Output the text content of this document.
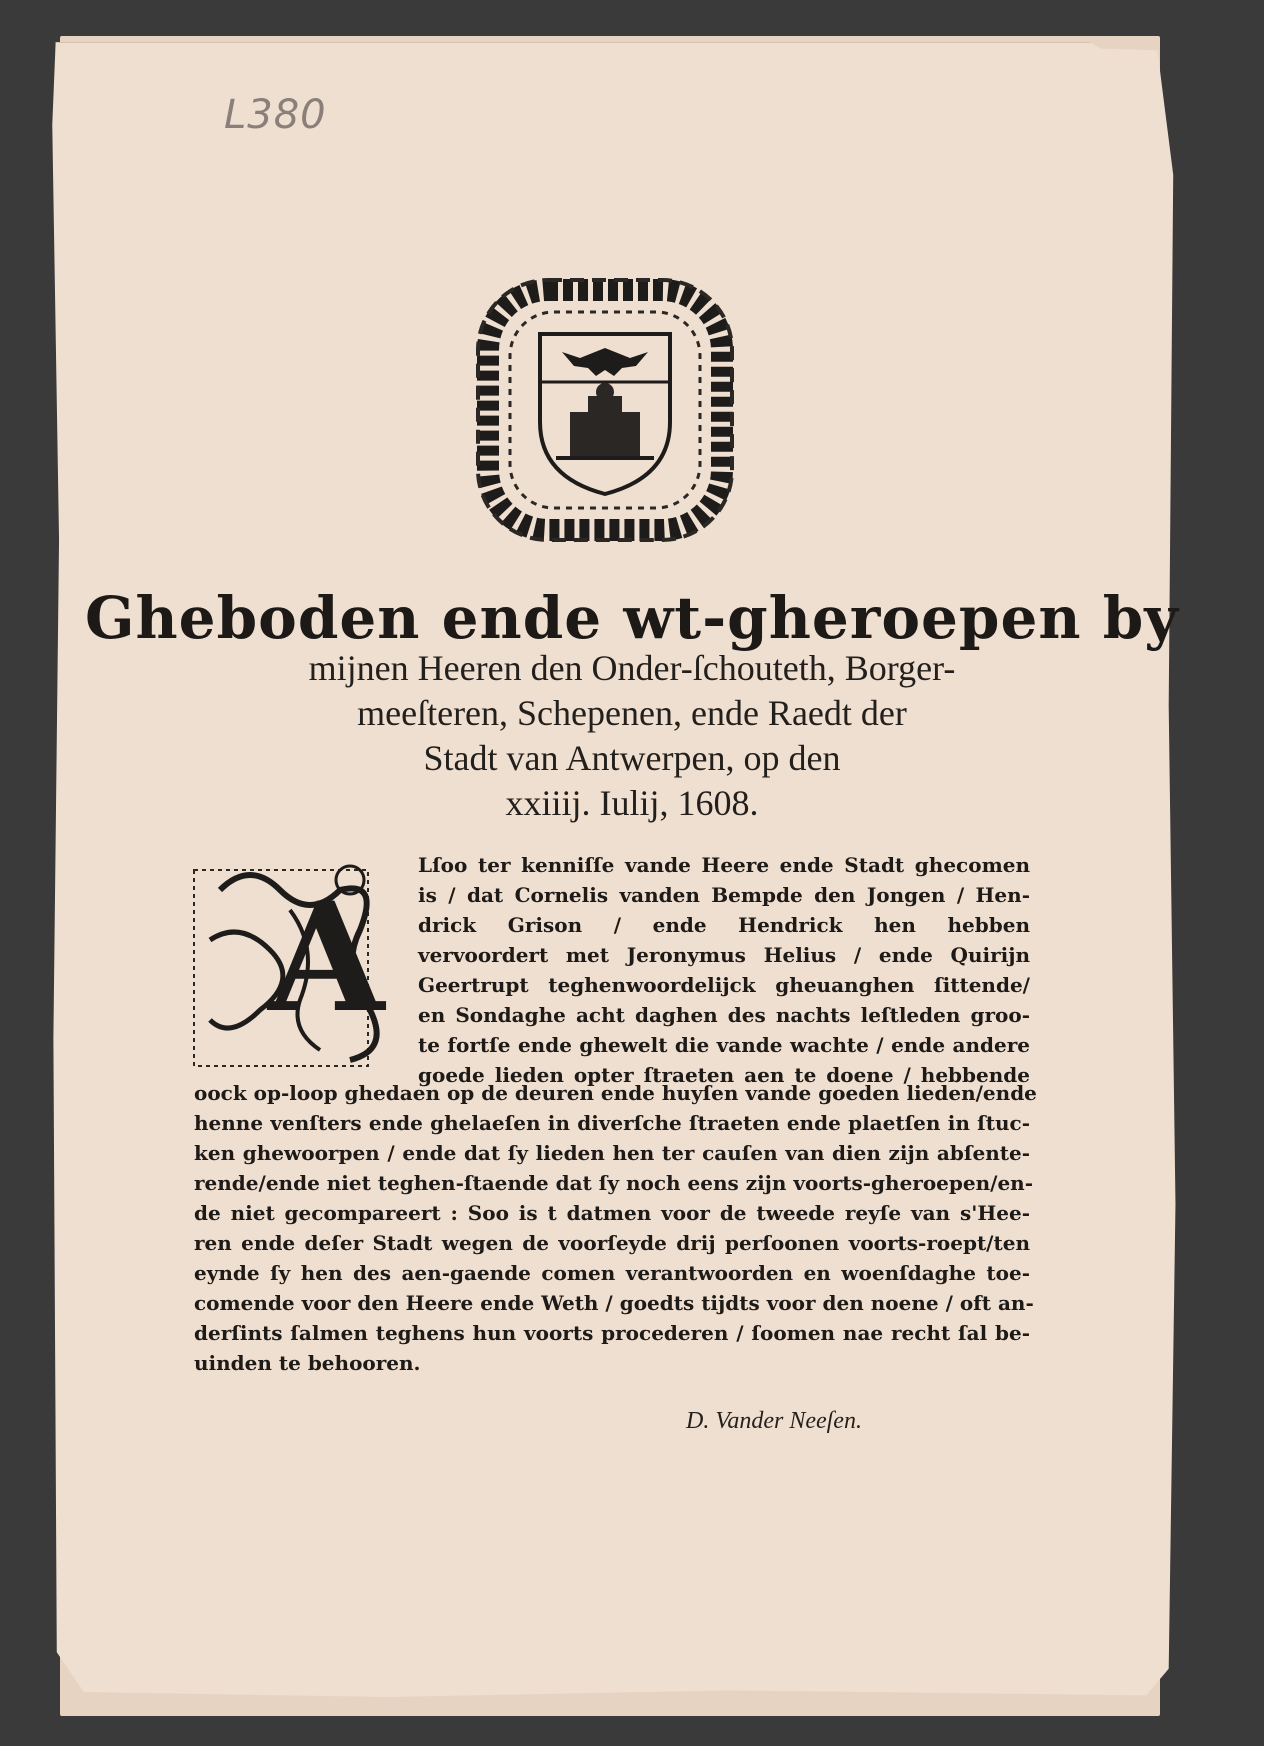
L380
Gheboden ende wt-gheroepen by
mijnen Heeren den Onder-ſchouteth, Borger-
meeſteren, Schepenen, ende Raedt der
Stadt van Antwerpen, op den
xxiiij. Iulij, 1608.
A
Lſoo ter kenniſſe vande Heere ende Stadt ghecomen
is / dat Cornelis vanden Bempde den Jongen / Hen-
drick Grison / ende Hendrick hen hebben
vervoordert met Jeronymus Helius / ende Quirijn
Geertrupt teghenwoordelijck gheuanghen ſittende/
en Sondaghe acht daghen des nachts leſtleden groo-
te fortſe ende ghewelt die vande wachte / ende andere
goede lieden opter ſtraeten aen te doene / hebbende
oock op-loop ghedaen op de deuren ende huyſen vande goeden lieden/ende
henne venſters ende ghelaeſen in diverſche ſtraeten ende plaetſen in ſtuc-
ken ghewoorpen / ende dat ſy lieden hen ter cauſen van dien zijn abſente-
rende/ende niet teghen-ſtaende dat ſy noch eens zijn voorts-gheroepen/en-
de niet gecompareert : Soo is t datmen voor de tweede reyſe van s'Hee-
ren ende deſer Stadt wegen de voorſeyde drij perſoonen voorts-roept/ten
eynde ſy hen des aen-gaende comen verantwoorden en woenſdaghe toe-
comende voor den Heere ende Weth / goedts tijdts voor den noene / oft an-
derſints ſalmen teghens hun voorts procederen / ſoomen nae recht ſal be-
uinden te behooren.
D. Vander Neeſen.
